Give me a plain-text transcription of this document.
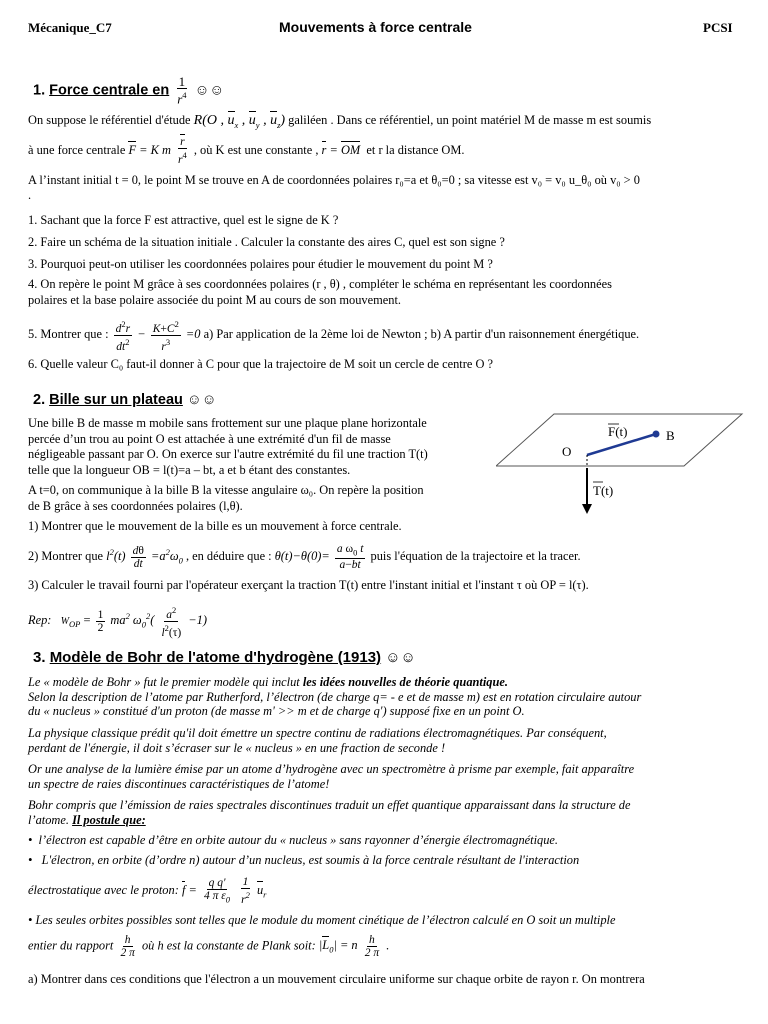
Mécanique_C7	Mouvements à force centrale	PCSI
1. Force centrale en $\frac{1}{r^4}$ ☺☺
On suppose le référentiel d'étude R(O , $u_x$ , $u_y$ , $u_z$) galiléen . Dans ce référentiel, un point matériel M de masse m est soumis
à une force centrale F = K m $\frac{r}{r^4}$ , où K est une constante , r = OM et r la distance OM.
A l’instant initial t = 0, le point M se trouve en A de coordonnées polaires r₀=a et θ₀=0 ; sa vitesse est v₀ = v₀ u_θ₀ où v₀ > 0
.
1. Sachant que la force F est attractive, quel est le signe de K ?
2. Faire un schéma de la situation initiale . Calculer la constante des aires C, quel est son signe ?
3. Pourquoi peut-on utiliser les coordonnées polaires pour étudier le mouvement du point M ?
4. On repère le point M grâce à ses coordonnées polaires (r , θ) , compléter le schéma en représentant les coordonnées
polaires et la base polaire associée du point M au cours de son mouvement.
5. Montrer que : $\frac{d^2r}{dt^2} - \frac{K+C^2}{r^3} =0$ a) Par application de la 2ème loi de Newton ; b) A partir d'un raisonnement énergétique.
6. Quelle valeur C₀ faut-il donner à C pour que la trajectoire de M soit un cercle de centre O ?
2. Bille sur un plateau ☺☺
Une bille B de masse m mobile sans frottement sur une plaque plane horizontale
percée d’un trou au point O est attachée à une extrémité d'un fil de masse
négligeable passant par O. On exerce sur l'autre extrémité du fil une traction T(t)
telle que la longueur OB = l(t)=a – bt, a et b étant des constantes.
A t=0, on communique à la bille B la vitesse angulaire ω₀. On repère la position
de B grâce à ses coordonnées polaires (l,θ).
F(t)	B
O
T(t)
1) Montrer que le mouvement de la bille es un mouvement à force centrale.
2) Montrer que $l^2(t) \frac{d\theta}{dt} =a^2\omega_0$ , en déduire que : $\theta(t)-\theta(0)= \frac{a \omega_0 t}{a-bt}$ puis l'équation de la trajectoire et la tracer.
3) Calculer le travail fourni par l'opérateur exerçant la traction T(t) entre l'instant initial et l'instant τ où OP = l(τ).
Rep: $W_{OP} = \frac{1}{2} ma^2$ $\omega_0^2( \frac{a^2}{l^2(\tau)} -1)$
3. Modèle de Bohr de l'atome d'hydrogène (1913) ☺☺
Le « modèle de Bohr » fut le premier modèle qui inclut les idées nouvelles de théorie quantique.
Selon la description de l’atome par Rutherford, l’électron (de charge q= - e et de masse m) est en rotation circulaire autour
du « nucleus » constitué d'un proton (de masse m' >> m et de charge q') supposé fixe en un point O.
La physique classique prédit qu'il doit émettre un spectre continu de radiations électromagnétiques. Par conséquent,
perdant de l'énergie, il doit s’écraser sur le « nucleus » en une fraction de seconde !
Or une analyse de la lumière émise par un atome d’hydrogène avec un spectromètre à prisme par exemple, fait apparaître
un spectre de raies discontinues caractéristiques de l’atome!
Bohr compris que l’émission de raies spectrales discontinues traduit un effet quantique apparaissant dans la structure de
l’atome. Il postule que:
•  l’électron est capable d’être en orbite autour du « nucleus » sans rayonner d’énergie électromagnétique.
•   L'électron, en orbite (d’ordre n) autour d’un nucleus, est soumis à la force centrale résultant de l'interaction
électrostatique avec le proton: $f = \frac{\text{q q'}}{4 \pi \varepsilon_0}$
$\frac{1}{r^2} u_r$
• Les seules orbites possibles sont telles que le module du moment cinétique de l’électron calculé en O soit un multiple
entier du rapport $\frac{h}{2 \pi}$ où h est la constante de Plank soit: $|L_0| = n \frac{h}{2 \pi}$ .
a) Montrer dans ces conditions que l'électron a un mouvement circulaire uniforme sur chaque orbite de rayon r. On montrera
